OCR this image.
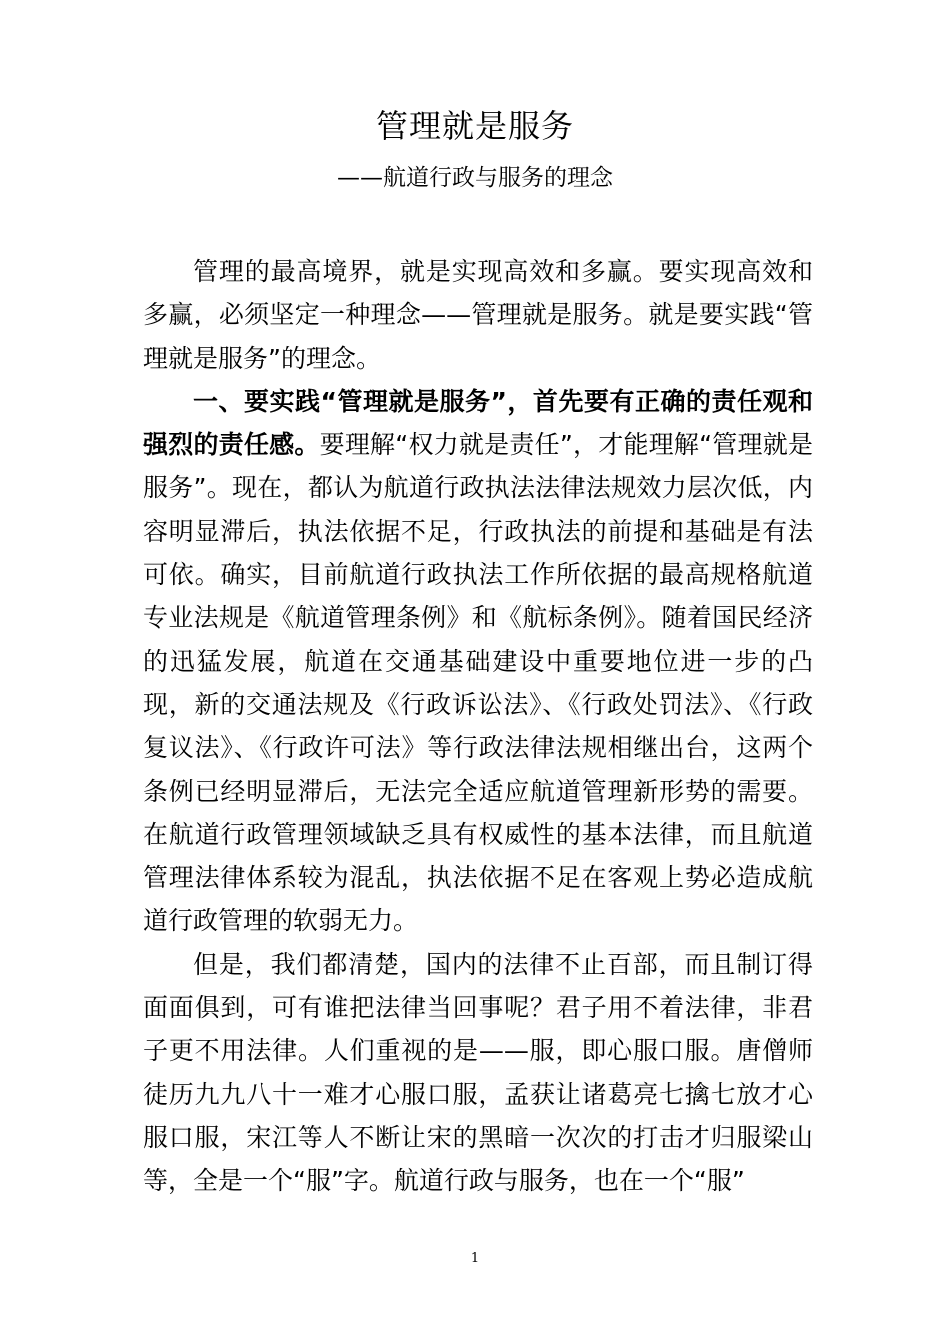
管理就是服务
——航道行政与服务的理念

管理的最高境界，就是实现高效和多赢。要实现高效和多赢，必须坚定一种理念——管理就是服务。就是要实践“管理就是服务”的理念。

一、要实践“管理就是服务”，首先要有正确的责任观和强烈的责任感。要理解“权力就是责任”，才能理解“管理就是服务”。现在，都认为航道行政执法法律法规效力层次低，内容明显滞后，执法依据不足，行政执法的前提和基础是有法可依。确实，目前航道行政执法工作所依据的最高规格航道专业法规是《航道管理条例》和《航标条例》。随着国民经济的迅猛发展，航道在交通基础建设中重要地位进一步的凸现，新的交通法规及《行政诉讼法》、《行政处罚法》、《行政复议法》、《行政许可法》等行政法律法规相继出台，这两个条例已经明显滞后，无法完全适应航道管理新形势的需要。在航道行政管理领域缺乏具有权威性的基本法律，而且航道管理法律体系较为混乱，执法依据不足在客观上势必造成航道行政管理的软弱无力。

但是，我们都清楚，国内的法律不止百部，而且制订得面面俱到，可有谁把法律当回事呢？君子用不着法律，非君子更不用法律。人们重视的是——服，即心服口服。唐僧师徒历九九八十一难才心服口服，孟获让诸葛亮七擒七放才心服口服，宋江等人不断让宋的黑暗一次次的打击才归服梁山等，全是一个“服”字。航道行政与服务，也在一个“服”

1
